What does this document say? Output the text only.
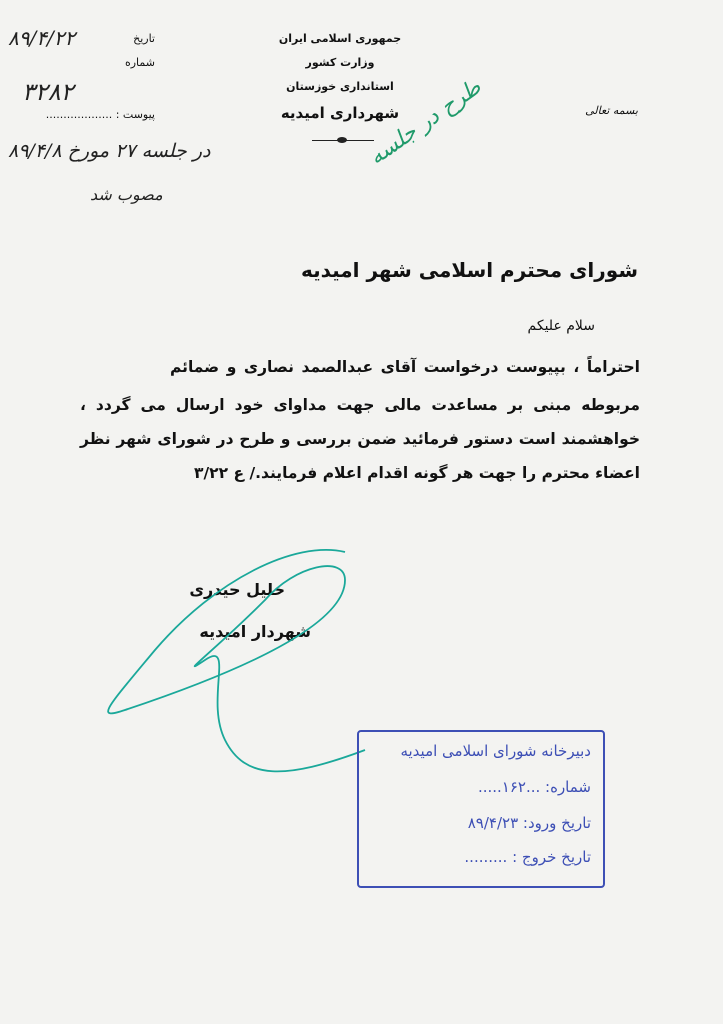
جمهوری اسلامی ایران
وزارت کشور
استانداری خوزستان
شهرداری امیدیه	بسمه تعالی
تاریخ
۸۹/۴/۲۲
شماره
۳۲۸۲
پیوست : ...................
در جلسه ۲۷ مورخ ۸۹/۴/۸
مصوب شد
طرح در جلسه
شورای محترم اسلامی شهر امیدیه
سلام علیکم
احتراماً ، بپیوست درخواست آقای عبدالصمد نصاری و ضمائم
مربوطه مبنی بر مساعدت مالی جهت مداوای خود ارسال می گردد ،
خواهشمند است دستور فرمائید ضمن بررسی و طرح در شورای شهر نظر
اعضاء محترم را جهت هر گونه اقدام اعلام فرمایند./ ع ۳/۲۲
خلیل حیدری
شهردار امیدیه
دبیرخانه شورای اسلامی امیدیه
شماره: ...۱۶۲.....
تاریخ ورود: ۸۹/۴/۲۳
تاریخ خروج : .........
